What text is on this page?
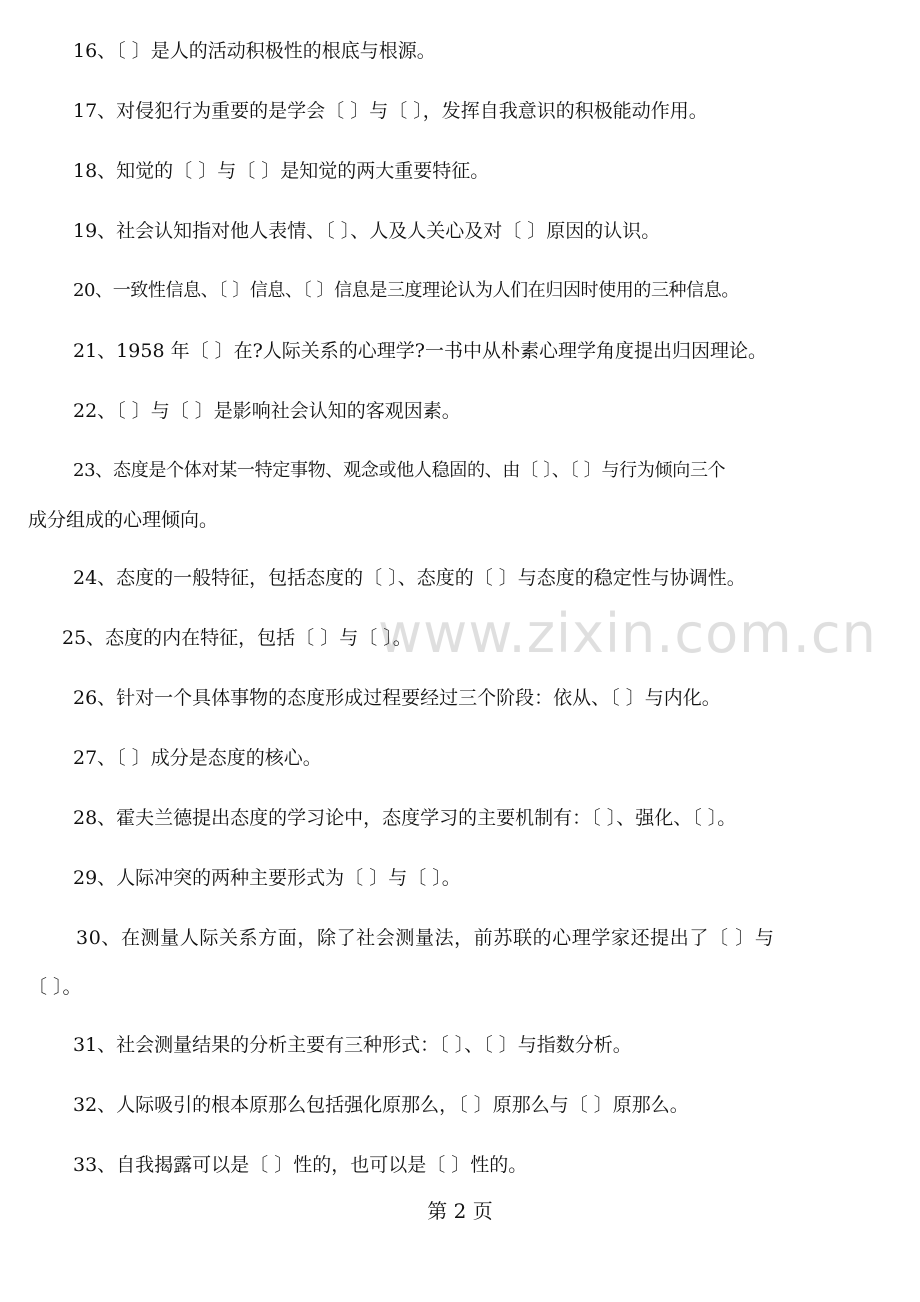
16、〔 〕是人的活动积极性的根底与根源。
17、对侵犯行为重要的是学会〔 〕与〔 〕，发挥自我意识的积极能动作用。
18、知觉的〔 〕与〔 〕是知觉的两大重要特征。
19、社会认知指对他人表情、〔 〕、人及人关心及对〔 〕原因的认识。
20、一致性信息、〔 〕信息、〔 〕信息是三度理论认为人们在归因时使用的三种信息。
21、1958 年〔 〕在?人际关系的心理学?一书中从朴素心理学角度提出归因理论。
22、〔 〕与〔 〕是影响社会认知的客观因素。
23、态度是个体对某一特定事物、观念或他人稳固的、由〔 〕、〔 〕与行为倾向三个
成分组成的心理倾向。
24、态度的一般特征，包括态度的〔 〕、态度的〔 〕与态度的稳定性与协调性。
25、态度的内在特征，包括〔 〕与〔 〕。
26、针对一个具体事物的态度形成过程要经过三个阶段：依从、〔 〕与内化。
27、〔 〕成分是态度的核心。
28、霍夫兰德提出态度的学习论中，态度学习的主要机制有：〔 〕、强化、〔 〕。
29、人际冲突的两种主要形式为〔 〕与〔 〕。
30、在测量人际关系方面，除了社会测量法，前苏联的心理学家还提出了〔 〕与
〔 〕。
31、社会测量结果的分析主要有三种形式：〔 〕、〔 〕与指数分析。
32、人际吸引的根本原那么包括强化原那么，〔 〕原那么与〔 〕原那么。
33、自我揭露可以是〔 〕性的，也可以是〔 〕性的。
www.zixin.com.cn
第 2 页
